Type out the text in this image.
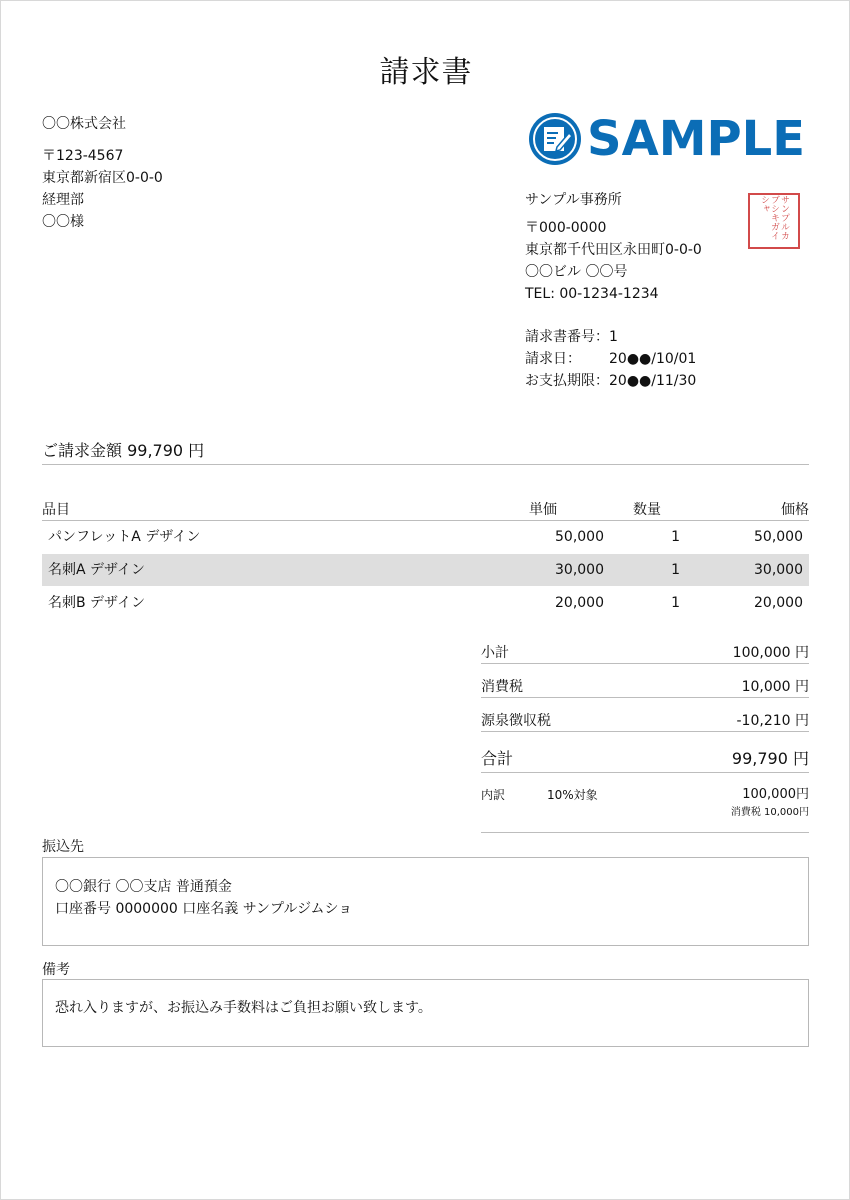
請求書
〇〇株式会社
〒123-4567
東京都新宿区0-0-0
経理部
〇〇様
SAMPLE
サンプル事務所
〒000-0000
東京都千代田区永田町0-0-0
〇〇ビル 〇〇号
TEL: 00-1234-1234
サンプルカブシキガイシャ
請求書番号：1
請求日： 20●●/10/01
お支払期限： 20●●/11/30
ご請求金額 99,790 円
品目	単価	数量	価格
パンフレットA デザイン	50,000	1	50,000
名刺A デザイン	30,000	1	30,000
名刺B デザイン	20,000	1	20,000
小計	100,000 円
消費税	10,000 円
源泉徴収税	-10,210 円
合計	99,790 円
内訳	10%対象	100,000円
消費税 10,000円
振込先
〇〇銀行 〇〇支店 普通預金
口座番号 0000000 口座名義 サンプルジムショ
備考
恐れ入りますが、お振込み手数料はご負担お願い致します。
